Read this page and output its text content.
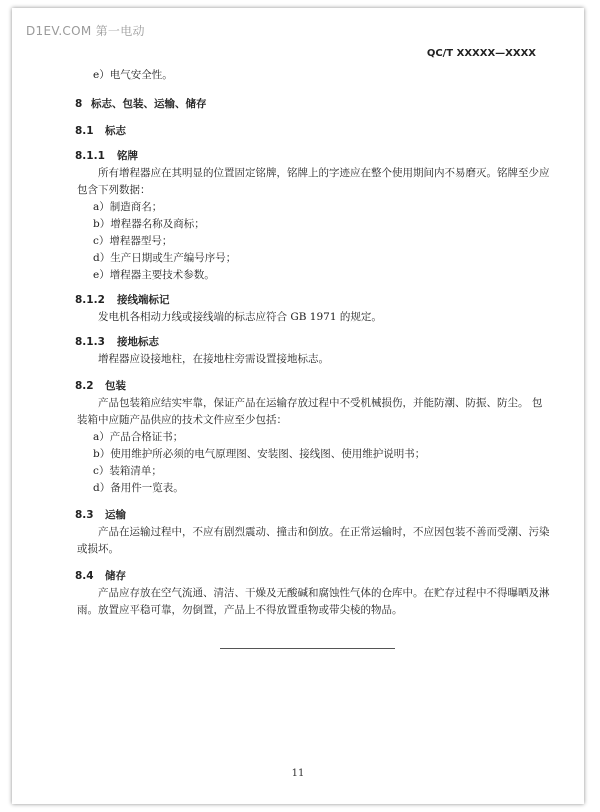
D1EV.COM 第一电动
QC/T XXXXX—XXXX
e）电气安全性。
8 标志、包装、运输、储存
8.1 标志
8.1.1 铭牌
所有增程器应在其明显的位置固定铭牌，铭牌上的字迹应在整个使用期间内不易磨灭。铭牌至少应
包含下列数据：
a）制造商名；
b）增程器名称及商标；
c）增程器型号；
d）生产日期或生产编号序号；
e）增程器主要技术参数。
8.1.2 接线端标记
发电机各相动力线或接线端的标志应符合 GB 1971 的规定。
8.1.3 接地标志
增程器应设接地柱，在接地柱旁需设置接地标志。
8.2 包装
产品包装箱应结实牢靠，保证产品在运输存放过程中不受机械损伤，并能防潮、防振、防尘。 包
装箱中应随产品供应的技术文件应至少包括：
a）产品合格证书；
b）使用维护所必须的电气原理图、安装图、接线图、使用维护说明书；
c）装箱清单；
d）备用件一览表。
8.3 运输
产品在运输过程中，不应有剧烈震动、撞击和倒放。在正常运输时，不应因包装不善而受潮、污染
或损坏。
8.4 储存
产品应存放在空气流通、清洁、干燥及无酸碱和腐蚀性气体的仓库中。在贮存过程中不得曝晒及淋
雨。放置应平稳可靠，勿倒置，产品上不得放置重物或带尖棱的物品。
11
